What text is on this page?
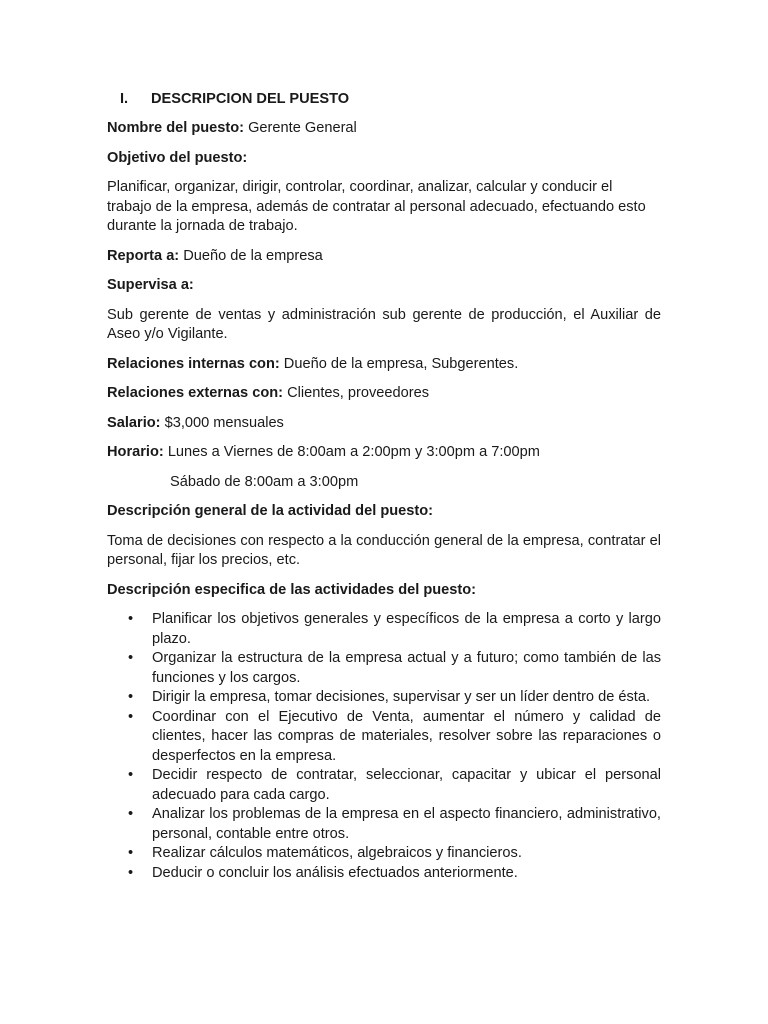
I. DESCRIPCION DEL PUESTO

Nombre del puesto: Gerente General

Objetivo del puesto:

Planificar, organizar, dirigir, controlar, coordinar, analizar, calcular y conducir el trabajo de la empresa, además de contratar al personal adecuado, efectuando esto durante la jornada de trabajo.

Reporta a: Dueño de la empresa

Supervisa a:

Sub gerente de ventas y administración sub gerente de producción, el Auxiliar de Aseo y/o Vigilante.

Relaciones internas con: Dueño de la empresa, Subgerentes.

Relaciones externas con: Clientes, proveedores

Salario: $3,000 mensuales

Horario: Lunes a Viernes de 8:00am a 2:00pm y 3:00pm a 7:00pm

Sábado de 8:00am a 3:00pm

Descripción general de la actividad del puesto:

Toma de decisiones con respecto a la conducción general de la empresa, contratar el personal, fijar los precios, etc.

Descripción especifica de las actividades del puesto:

• Planificar los objetivos generales y específicos de la empresa a corto y largo plazo.
• Organizar la estructura de la empresa actual y a futuro; como también de las funciones y los cargos.
• Dirigir la empresa, tomar decisiones, supervisar y ser un líder dentro de ésta.
• Coordinar con el Ejecutivo de Venta, aumentar el número y calidad de clientes, hacer las compras de materiales, resolver sobre las reparaciones o desperfectos en la empresa.
• Decidir respecto de contratar, seleccionar, capacitar y ubicar el personal adecuado para cada cargo.
• Analizar los problemas de la empresa en el aspecto financiero, administrativo, personal, contable entre otros.
• Realizar cálculos matemáticos, algebraicos y financieros.
• Deducir o concluir los análisis efectuados anteriormente.
